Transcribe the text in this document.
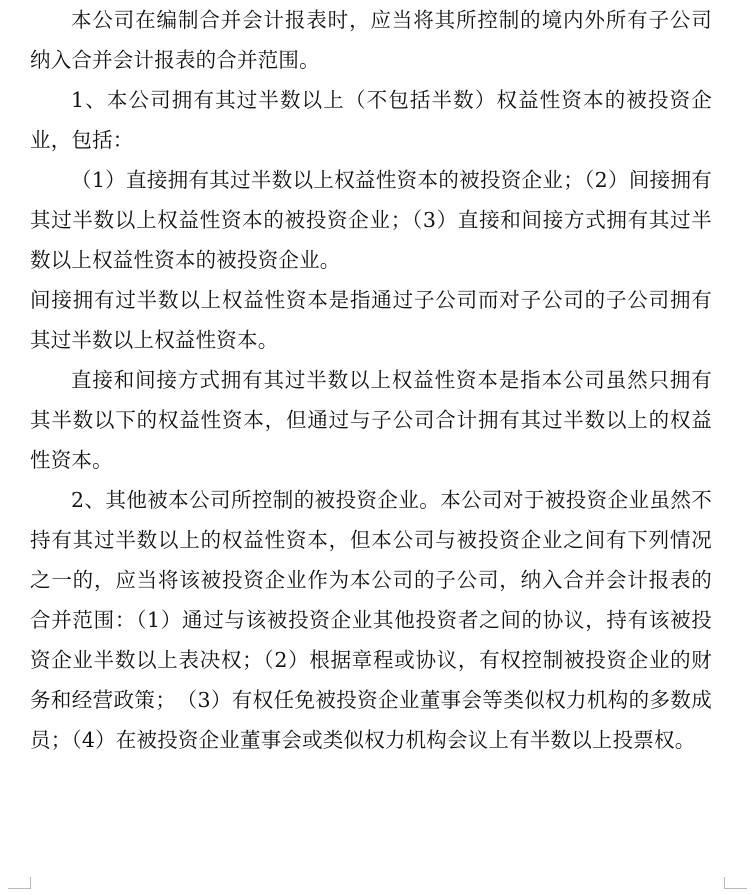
本公司在编制合并会计报表时，应当将其所控制的境内外所有子公司纳入合并会计报表的合并范围。

1、本公司拥有其过半数以上（不包括半数）权益性资本的被投资企业，包括：

（1）直接拥有其过半数以上权益性资本的被投资企业；（2）间接拥有其过半数以上权益性资本的被投资企业；（3）直接和间接方式拥有其过半数以上权益性资本的被投资企业。

间接拥有过半数以上权益性资本是指通过子公司而对子公司的子公司拥有其过半数以上权益性资本。

直接和间接方式拥有其过半数以上权益性资本是指本公司虽然只拥有其半数以下的权益性资本，但通过与子公司合计拥有其过半数以上的权益性资本。

2、其他被本公司所控制的被投资企业。本公司对于被投资企业虽然不持有其过半数以上的权益性资本，但本公司与被投资企业之间有下列情况之一的，应当将该被投资企业作为本公司的子公司，纳入合并会计报表的合并范围：（1）通过与该被投资企业其他投资者之间的协议，持有该被投资企业半数以上表决权；（2）根据章程或协议，有权控制被投资企业的财务和经营政策；　（3）有权任免被投资企业董事会等类似权力机构的多数成员；（4）在被投资企业董事会或类似权力机构会议上有半数以上投票权。
